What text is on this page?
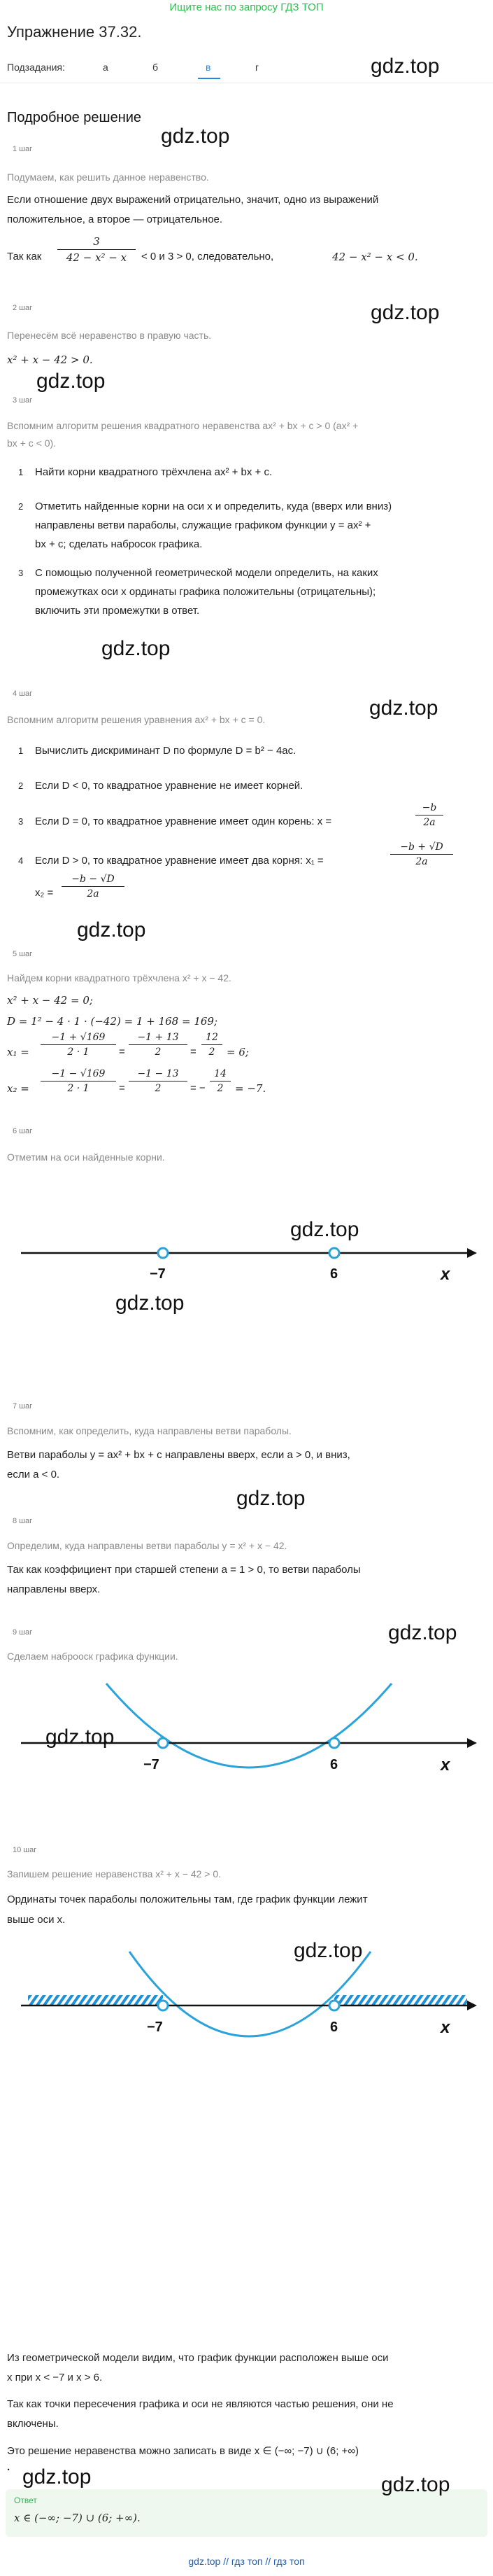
Ищите нас по запросу ГДЗ ТОП
Упражнение 37.32.
Подзадания:	а	б	в	г	gdz.top
Подробное решение
gdz.top
1 шаг
Подумаем, как решить данное неравенство.
Если отношение двух выражений отрицательно, значит, одно из выражений
положительное, а второе — отрицательное.
Так как
3
42 − x² − x	< 0 и 3 > 0, следовательно,	42 − x² − x < 0.
gdz.top
2 шаг
Перенесём всё неравенство в правую часть.
x² + x − 42 > 0.
gdz.top
3 шаг
Вспомним алгоритм решения квадратного неравенства ax² + bx + c > 0 (ax² +
bx + c < 0).
1 Найти корни квадратного трёхчлена ax² + bx + c.
2 Отметить найденные корни на оси x и определить, куда (вверх или вниз)
направлены ветви параболы, служащие графиком функции y = ax² +
bx + c; сделать набросок графика.
3 С помощью полученной геометрической модели определить, на каких
промежутках оси x ординаты графика положительны (отрицательны);
включить эти промежутки в ответ.
gdz.top
gdz.top
4 шаг
Вспомним алгоритм решения уравнения ax² + bx + c = 0.
1 Вычислить дискриминант D по формуле D = b² − 4ac.
2 Если D < 0, то квадратное уравнение не имеет корней.
3 Если D = 0, то квадратное уравнение имеет один корень: x =
−b
2a
4 Если D > 0, то квадратное уравнение имеет два корня: x₁ =
−b + √D
2a
x₂ =
−b − √D
2a
gdz.top
5 шаг
Найдем корни квадратного трёхчлена x² + x − 42.
x² + x − 42 = 0;
D = 1² − 4 · 1 · (−42) = 1 + 168 = 169;
x₁ =
−1 + √169
2 · 1	=
−1 + 13
2	=
12
2	= 6;
x₂ =
−1 − √169
2 · 1	=
−1 − 13
2	= −
14
2	= −7.
6 шаг
Отметим на оси найденные корни.
gdz.top
−7	6	x
gdz.top
7 шаг
Вспомним, как определить, куда направлены ветви параболы.
Ветви параболы y = ax² + bx + c направлены вверх, если a > 0, и вниз,
если a < 0.
gdz.top
8 шаг
Определим, куда направлены ветви параболы y = x² + x − 42.
Так как коэффициент при старшей степени a = 1 > 0, то ветви параболы
направлены вверх.
gdz.top
9 шаг
Сделаем наброоск графика функции.
−7	6	x
gdz.top
10 шаг
Запишем решение неравенства x² + x − 42 > 0.
Ординаты точек параболы положительны там, где график функции лежит
выше оси x.
gdz.top
−7	6	x
Из геометрической модели видим, что график функции расположен выше оси
x при x < −7 и x > 6.
Так как точки пересечения графика и оси не являются частью решения, они не
включены.
Это решение неравенства можно записать в виде x ∈ (−∞; −7) ∪ (6; +∞)
. gdz.top
Ответ
x ∈ (−∞; −7) ∪ (6; +∞).
gdz.top
gdz.top // гдз топ // гдз топ
